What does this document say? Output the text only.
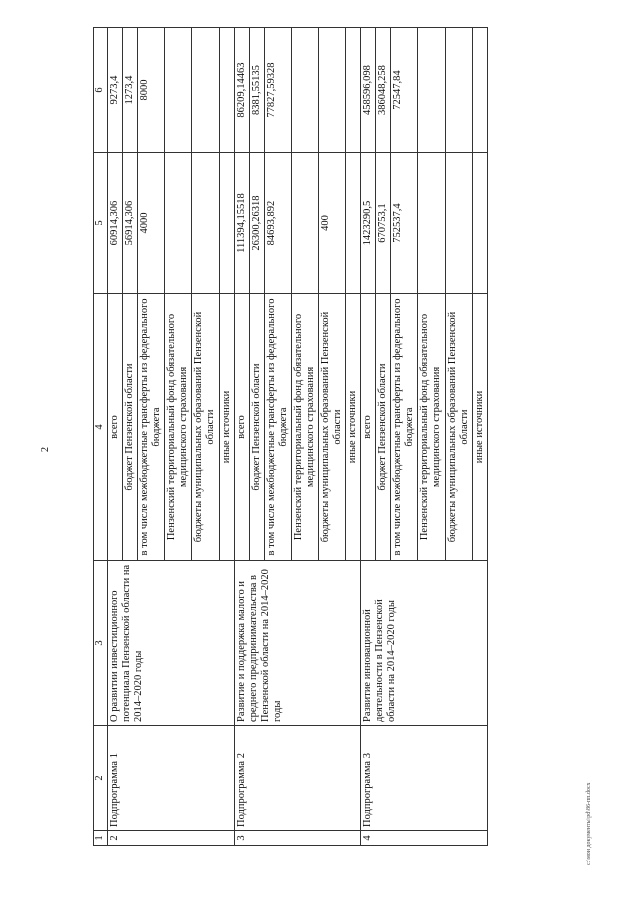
2
1	2	3	4	5	6
2	Подпрограмма 1	О развитии инвестиционного потенциала Пензенской области на 2014–2020 годы	всего	60914,306	9273,4
			бюджет Пензенской области	56914,306	1273,4
			в том числе межбюджетные трансферты из федерального бюджета	4000	8000
			Пензенский территориальный фонд обязательного медицинского страхования		
			бюджеты муниципальных образований Пензенской области		
			иные источники		
3	Подпрограмма 2	Развитие и поддержка малого и среднего предпринимательства в Пензенской области на 2014–2020 годы	всего	111394,15518	86209,14463
			бюджет Пензенской области	26300,26318	8381,55135
			в том числе межбюджетные трансферты из федерального бюджета	84693,892	77827,59328
			Пензенский территориальный фонд обязательного медицинского страхования		
			бюджеты муниципальных образований Пензенской области	400	
			иные источники		
4	Подпрограмма 3	Развитие инновационной деятельности в Пензенской области на 2014–2020 годы	всего	1423290,5	458596,098
			бюджет Пензенской области	670753,1	386048,258
			в том числе межбюджетные трансферты из федерального бюджета	752537,4	72547,84
			Пензенский территориальный фонд обязательного медицинского страхования		
			бюджеты муниципальных образований Пензенской области		
			иные источники		
c:\мои документы\pd\86-пп.docx
